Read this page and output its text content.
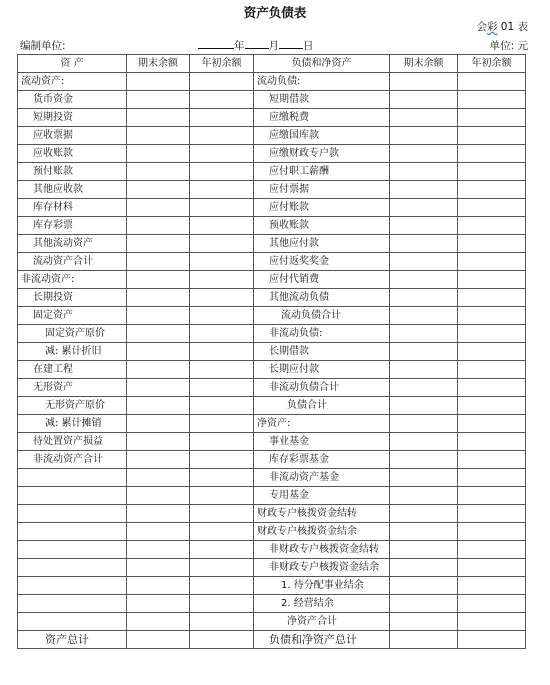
资产负债表
会彩 01 表
编制单位:	年 月 日	单位: 元
资 产	期末余额	年初余额	负债和净资产	期末余额	年初余额
流动资产:			流动负债:		
货币资金			短期借款		
短期投资			应缴税费		
应收票据			应缴国库款		
应收账款			应缴财政专户款		
预付账款			应付职工薪酬		
其他应收款			应付票据		
库存材料			应付账款		
库存彩票			预收账款		
其他流动资产			其他应付款		
流动资产合计			应付返奖奖金		
非流动资产:			应付代销费		
长期投资			其他流动负债		
固定资产			流动负债合计		
固定资产原价			非流动负债:		
减: 累计折旧			长期借款		
在建工程			长期应付款		
无形资产			非流动负债合计		
无形资产原价			负债合计		
减: 累计摊销			净资产:		
待处置资产损益			事业基金		
非流动资产合计			库存彩票基金		
			非流动资产基金		
			专用基金		
			财政专户核拨资金结转		
			财政专户核拨资金结余		
			非财政专户核拨资金结转		
			非财政专户核拨资金结余		
			1. 待分配事业结余		
			2. 经营结余		
			净资产合计		
资产总计			负债和净资产总计		
